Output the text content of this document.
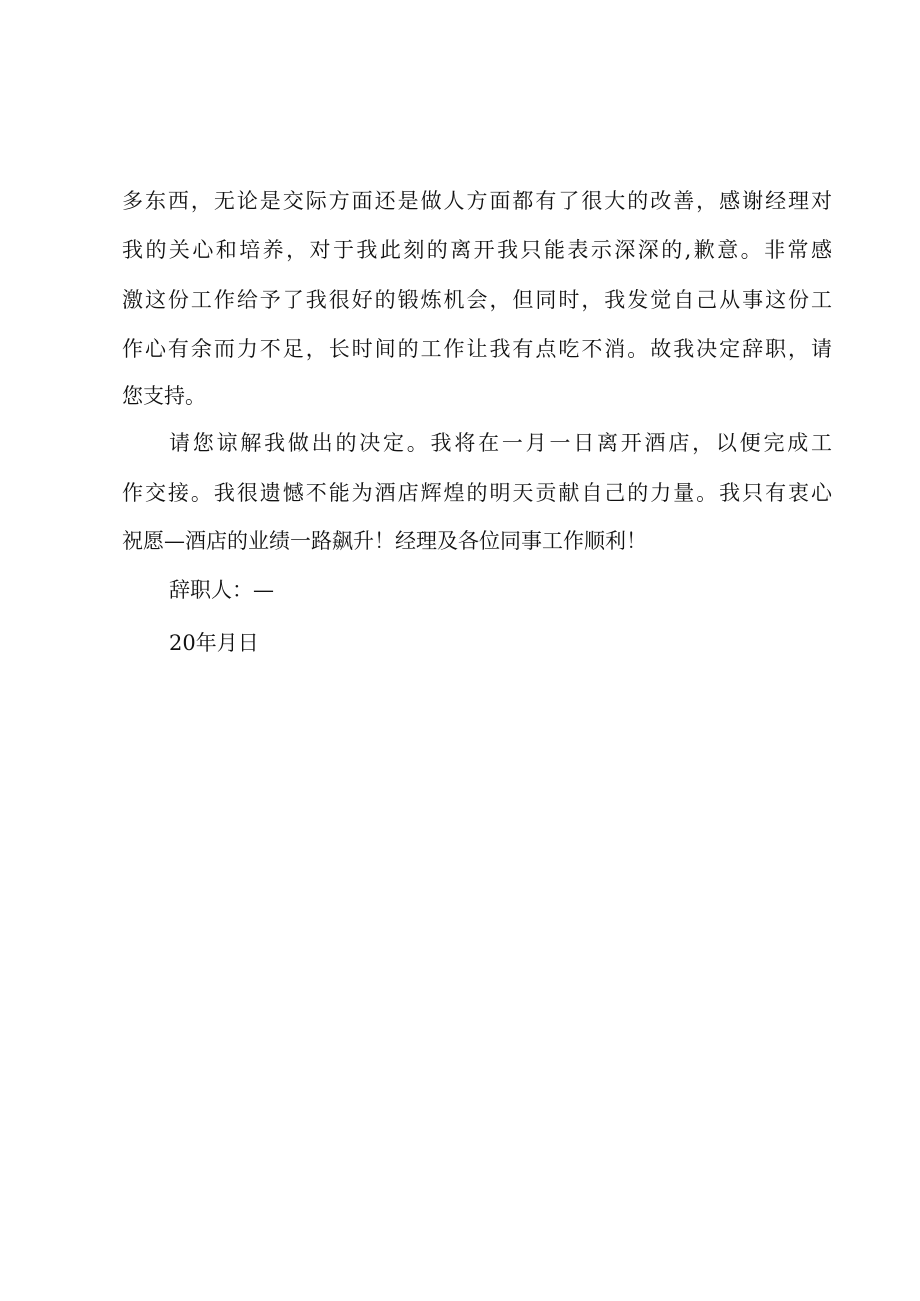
多东西，无论是交际方面还是做人方面都有了很大的改善，感谢经理对
我的关心和培养，对于我此刻的离开我只能表示深深的,歉意。非常感
激这份工作给予了我很好的锻炼机会，但同时，我发觉自己从事这份工
作心有余而力不足，长时间的工作让我有点吃不消。故我决定辞职，请
您支持。
请您谅解我做出的决定。我将在一月一日离开酒店，以便完成工
作交接。我很遗憾不能为酒店辉煌的明天贡献自己的力量。我只有衷心
祝愿—酒店的业绩一路飙升！经理及各位同事工作顺利！
辞职人：—
20年月日
